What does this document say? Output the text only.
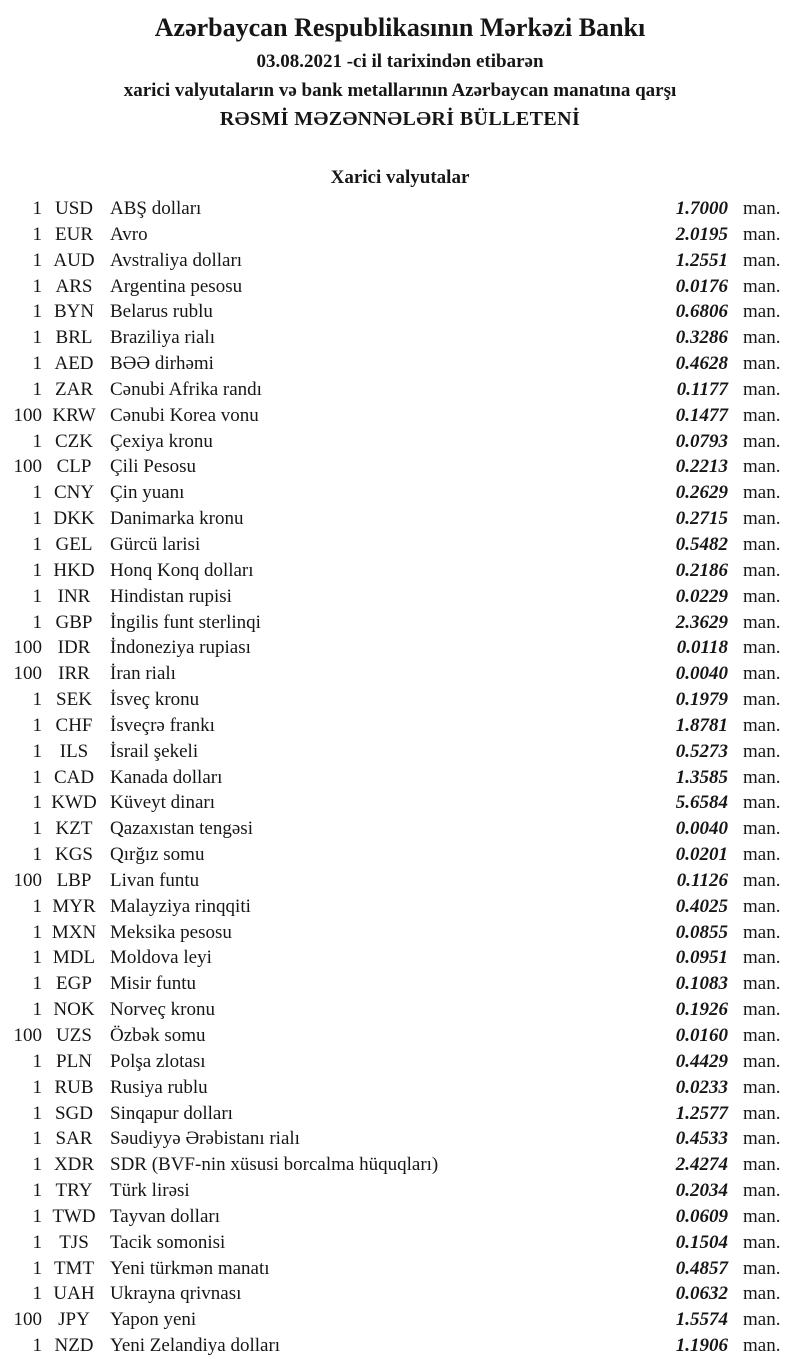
Azərbaycan Respublikasının Mərkəzi Bankı
03.08.2021 -ci il tarixindən etibarən
xarici valyutaların və bank metallarının Azərbaycan manatına qarşı
RƏSMİ MƏZƏNNƏLƏRİ BÜLLETENİ
Xarici valyutalar
1 USD ABŞ dolları	1.7000 man.
1 EUR Avro	2.0195 man.
1 AUD Avstraliya dolları	1.2551 man.
1 ARS Argentina pesosu	0.0176 man.
1 BYN Belarus rublu	0.6806 man.
1 BRL Braziliya rialı	0.3286 man.
1 AED BƏƏ dirhəmi	0.4628 man.
1 ZAR Cənubi Afrika randı	0.1177 man.
100 KRW Cənubi Korea vonu	0.1477 man.
1 CZK Çexiya kronu	0.0793 man.
100 CLP Çili Pesosu	0.2213 man.
1 CNY Çin yuanı	0.2629 man.
1 DKK Danimarka kronu	0.2715 man.
1 GEL Gürcü larisi	0.5482 man.
1 HKD Honq Konq dolları	0.2186 man.
1 INR	Hindistan rupisi	0.0229 man.
1 GBP İngilis funt sterlinqi	2.3629 man.
100 IDR	İndoneziya rupiası	0.0118 man.
100 IRR	İran rialı	0.0040 man.
1 SEK İsveç kronu	0.1979 man.
1 CHF İsveçrə frankı	1.8781 man.
1 ILS	İsrail şekeli	0.5273 man.
1 CAD Kanada dolları	1.3585 man.
1 KWD Küveyt dinarı	5.6584 man.
1 KZT Qazaxıstan tengəsi	0.0040 man.
1 KGS Qırğız somu	0.0201 man.
100 LBP Livan funtu	0.1126 man.
1 MYR Malayziya rinqqiti	0.4025 man.
1 MXN Meksika pesosu	0.0855 man.
1 MDL Moldova leyi	0.0951 man.
1 EGP Misir funtu	0.1083 man.
1 NOK Norveç kronu	0.1926 man.
100 UZS Özbək somu	0.0160 man.
1 PLN Polşa zlotası	0.4429 man.
1 RUB Rusiya rublu	0.0233 man.
1 SGD Sinqapur dolları	1.2577 man.
1 SAR Səudiyyə Ərəbistanı rialı	0.4533 man.
1 XDR SDR (BVF-nin xüsusi borcalma hüquqları)	2.4274 man.
1 TRY Türk lirəsi	0.2034 man.
1 TWD Tayvan dolları	0.0609 man.
1 TJS	Tacik somonisi	0.1504 man.
1 TMT Yeni türkmən manatı	0.4857 man.
1 UAH Ukrayna qrivnası	0.0632 man.
100 JPY	Yapon yeni	1.5574 man.
1 NZD Yeni Zelandiya dolları	1.1906 man.
